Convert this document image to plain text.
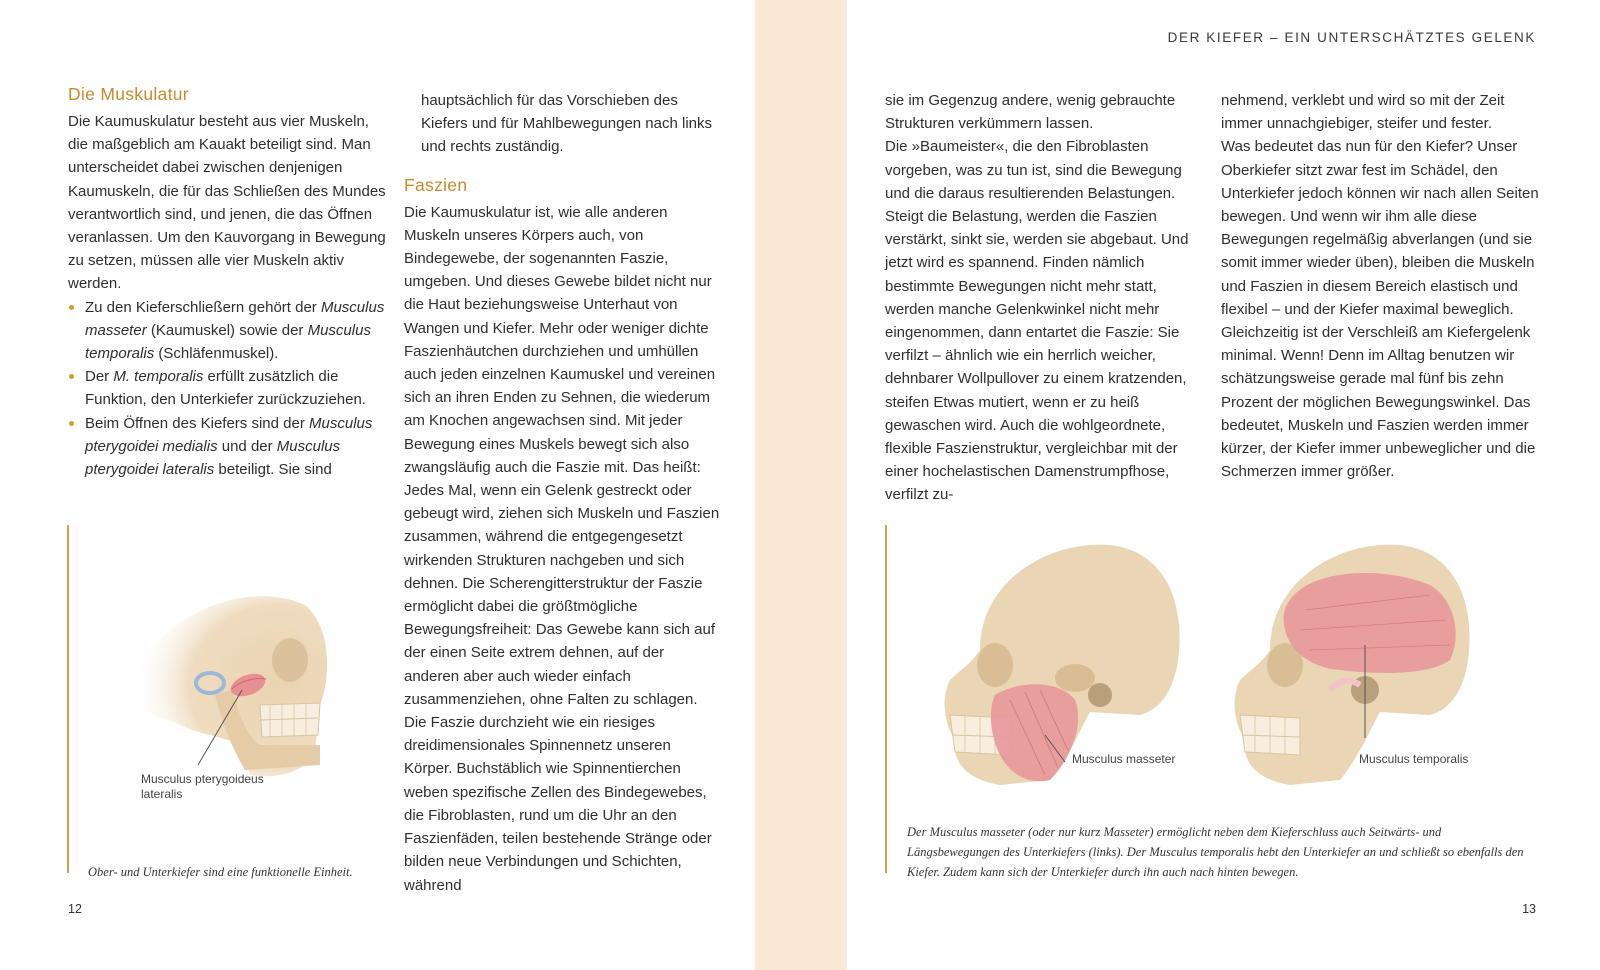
DER KIEFER – EIN UNTERSCHÄTZTES GELENK
Die Muskulatur

Die Kaumuskulatur besteht aus vier Muskeln, die maßgeblich am Kauakt beteiligt sind. Man unterscheidet dabei zwischen denjenigen Kaumuskeln, die für das Schließen des Mundes verantwortlich sind, und jenen, die das Öffnen veranlassen. Um den Kauvorgang in Bewegung zu setzen, müssen alle vier Muskeln aktiv werden.

Zu den Kieferschließern gehört der Musculus masseter (Kaumuskel) sowie der Musculus temporalis (Schläfenmuskel).
Der M. temporalis erfüllt zusätzlich die Funktion, den Unterkiefer zurückzuziehen.
Beim Öffnen des Kiefers sind der Musculus pterygoidei medialis und der Musculus pterygoidei lateralis beteiligt. Sie sind

hauptsächlich für das Vorschieben des Kiefers und für Mahlbewegungen nach links und rechts zuständig.

Faszien

Die Kaumuskulatur ist, wie alle anderen Muskeln unseres Körpers auch, von Bindegewebe, der sogenannten Faszie, umgeben. Und dieses Gewebe bildet nicht nur die Haut beziehungsweise Unterhaut von Wangen und Kiefer. Mehr oder weniger dichte Faszienhäutchen durchziehen und umhüllen auch jeden einzelnen Kaumuskel und vereinen sich an ihren Enden zu Sehnen, die wiederum am Knochen angewachsen sind. Mit jeder Bewegung eines Muskels bewegt sich also zwangsläufig auch die Faszie mit. Das heißt: Jedes Mal, wenn ein Gelenk gestreckt oder gebeugt wird, ziehen sich Muskeln und Faszien zusammen, während die entgegengesetzt wirkenden Strukturen nachgeben und sich dehnen. Die Scherengitterstruktur der Faszie ermöglicht dabei die größtmögliche Bewegungsfreiheit: Das Gewebe kann sich auf der einen Seite extrem dehnen, auf der anderen aber auch wieder einfach zusammenziehen, ohne Falten zu schlagen.

Die Faszie durchzieht wie ein riesiges dreidimensionales Spinnennetz unseren Körper. Buchstäblich wie Spinnentierchen weben spezifische Zellen des Bindegewebes, die Fibroblasten, rund um die Uhr an den Faszienfäden, teilen bestehende Stränge oder bilden neue Verbindungen und Schichten, während

Musculus pterygoideus lateralis
Ober- und Unterkiefer sind eine funktionelle Einheit.
12

sie im Gegenzug andere, wenig gebrauchte Strukturen verkümmern lassen.

Die »Baumeister«, die den Fibroblasten vorgeben, was zu tun ist, sind die Bewegung und die daraus resultierenden Belastungen. Steigt die Belastung, werden die Faszien verstärkt, sinkt sie, werden sie abgebaut. Und jetzt wird es spannend. Finden nämlich bestimmte Bewegungen nicht mehr statt, werden manche Gelenkwinkel nicht mehr eingenommen, dann entartet die Faszie: Sie verfilzt – ähnlich wie ein herrlich weicher, dehnbarer Wollpullover zu einem kratzenden, steifen Etwas mutiert, wenn er zu heiß gewaschen wird. Auch die wohlgeordnete, flexible Faszienstruktur, vergleichbar mit der einer hochelastischen Damenstrumpfhose, verfilzt zu-

nehmend, verklebt und wird so mit der Zeit immer unnachgiebiger, steifer und fester.

Was bedeutet das nun für den Kiefer? Unser Oberkiefer sitzt zwar fest im Schädel, den Unterkiefer jedoch können wir nach allen Seiten bewegen. Und wenn wir ihm alle diese Bewegungen regelmäßig abverlangen (und sie somit immer wieder üben), bleiben die Muskeln und Faszien in diesem Bereich elastisch und flexibel – und der Kiefer maximal beweglich. Gleichzeitig ist der Verschleiß am Kiefergelenk minimal. Wenn! Denn im Alltag benutzen wir schätzungsweise gerade mal fünf bis zehn Prozent der möglichen Bewegungswinkel. Das bedeutet, Muskeln und Faszien werden immer kürzer, der Kiefer immer unbeweglicher und die Schmerzen immer größer.

Musculus masseter	Musculus temporalis
Der Musculus masseter (oder nur kurz Masseter) ermöglicht neben dem Kieferschluss auch Seitwärts- und Längsbewegungen des Unterkiefers (links). Der Musculus temporalis hebt den Unterkiefer an und schließt so ebenfalls den Kiefer. Zudem kann sich der Unterkiefer durch ihn auch nach hinten bewegen.
13
